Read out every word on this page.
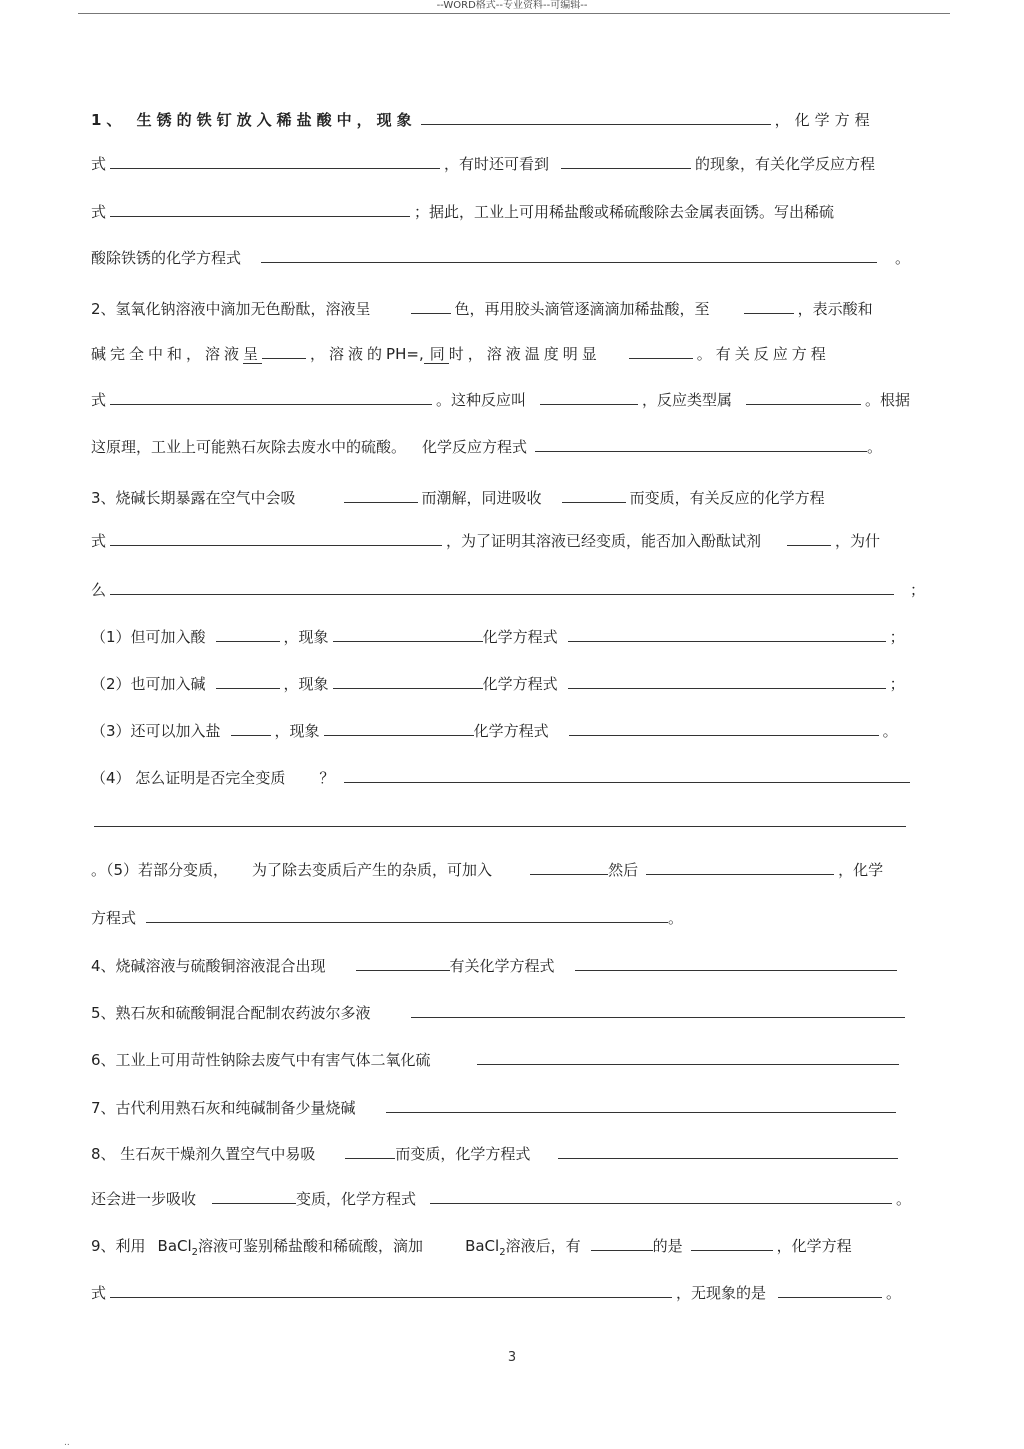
--WORD格式--专业资料--可编辑--
1、 生锈的铁钉放入稀盐酸中，现象	，化学方程
式	，有时还可看到	的现象，有关化学反应方程
式	；据此，工业上可用稀盐酸或稀硫酸除去金属表面锈。写出稀硫
酸除铁锈的化学方程式	。
2、氢氧化钠溶液中滴加无色酚酞，溶液呈	色，再用胶头滴管逐滴滴加稀盐酸，至	，表示酸和
碱完全中和，溶液呈	，溶液的PH=, 同时，溶液温度明显	。有关反应方程
式	。这种反应叫	，反应类型属	。根据
这原理，工业上可能熟石灰除去废水中的硫酸。 化学反应方程式	。
3、烧碱长期暴露在空气中会吸	而潮解，同进吸收	而变质，有关反应的化学方程
式	，为了证明其溶液已经变质，能否加入酚酞试剂	，为什
么	；
（1）但可加入酸	，现象	化学方程式	；
（2）也可加入碱	，现象	化学方程式	；
（3）还可以加入盐	，现象	化学方程式	。
（4） 怎么证明是否完全变质 ？
。（5）若部分变质， 为了除去变质后产生的杂质，可加入	然后	，化学
方程式	。
4、烧碱溶液与硫酸铜溶液混合出现	有关化学方程式
5、熟石灰和硫酸铜混合配制农药波尔多液
6、工业上可用苛性钠除去废气中有害气体二氧化硫
7、古代利用熟石灰和纯碱制备少量烧碱
8、 生石灰干燥剂久置空气中易吸	而变质，化学方程式
还会进一步吸收	变质，化学方程式	。
9、利用 BaCl$_2$溶液可鉴别稀盐酸和稀硫酸，滴加	BaCl$_2$溶液后，有	的是	，化学方程
式	，无现象的是	。
3
..
